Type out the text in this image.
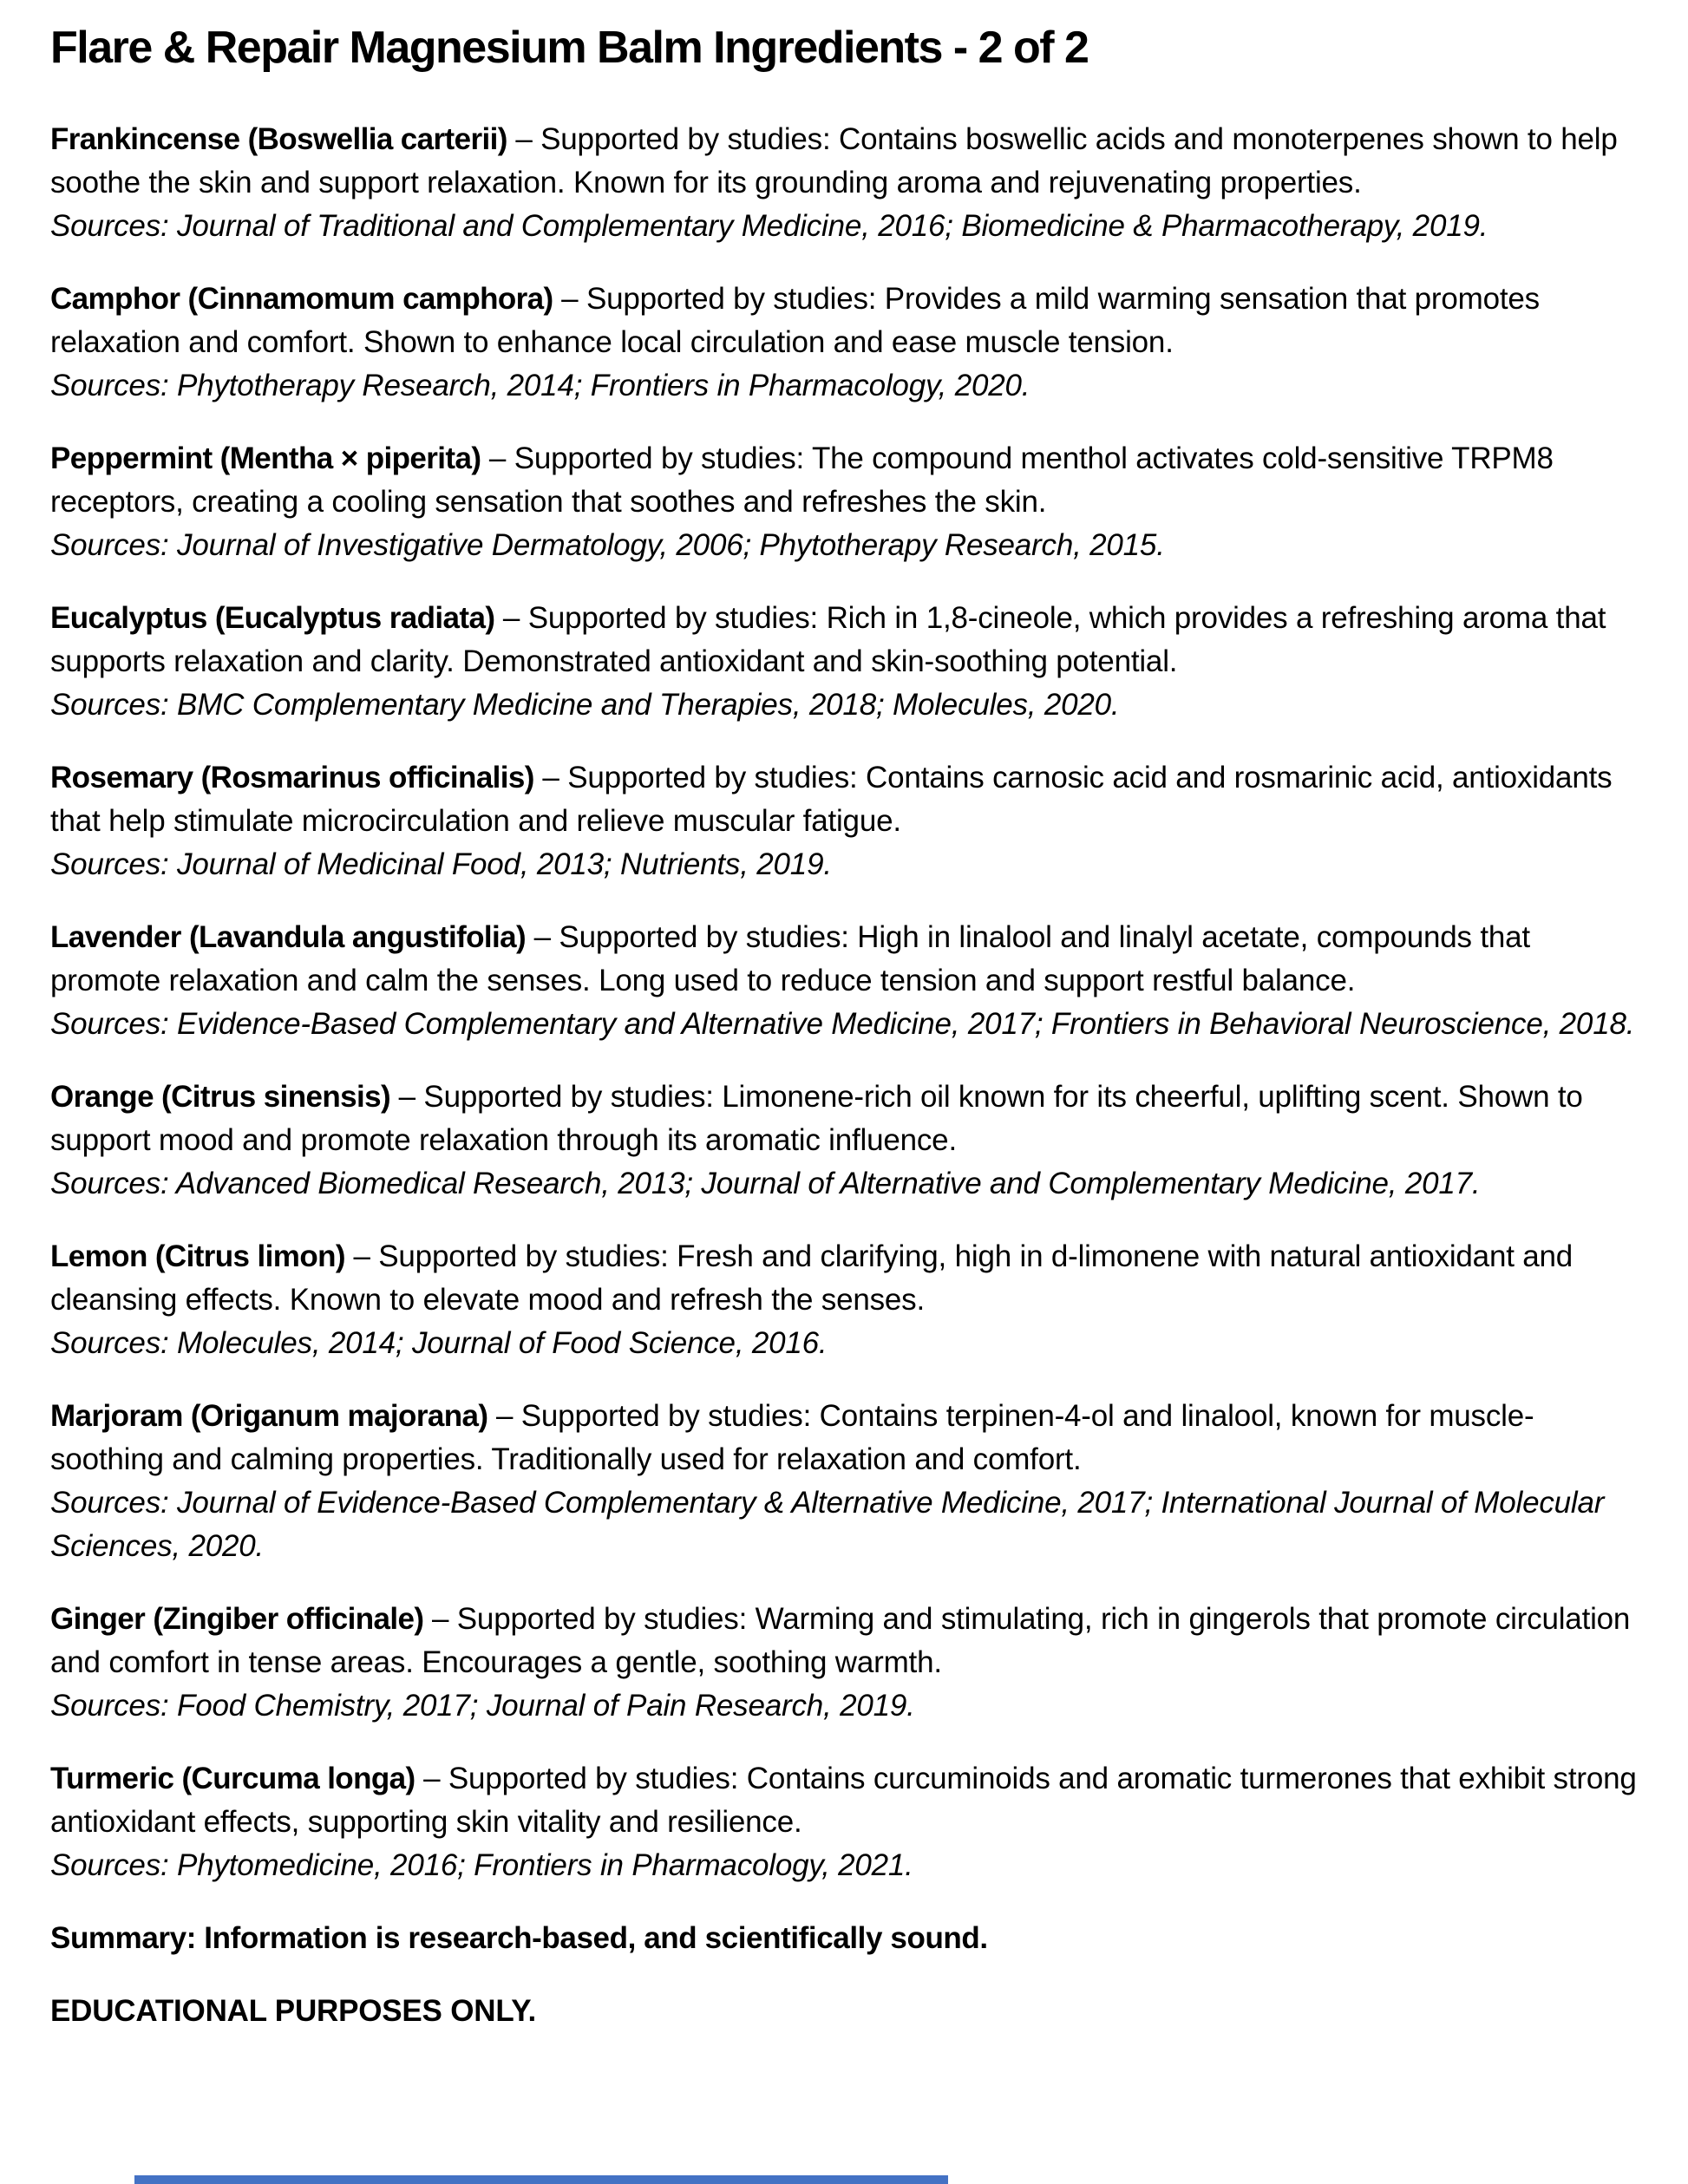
Flare & Repair Magnesium Balm Ingredients - 2 of 2

Frankincense (Boswellia carterii) – Supported by studies: Contains boswellic acids and monoterpenes shown to help soothe the skin and support relaxation. Known for its grounding aroma and rejuvenating properties.
Sources: Journal of Traditional and Complementary Medicine, 2016; Biomedicine & Pharmacotherapy, 2019.

Camphor (Cinnamomum camphora) – Supported by studies: Provides a mild warming sensation that promotes relaxation and comfort. Shown to enhance local circulation and ease muscle tension.
Sources: Phytotherapy Research, 2014; Frontiers in Pharmacology, 2020.

Peppermint (Mentha × piperita) – Supported by studies: The compound menthol activates cold-sensitive TRPM8 receptors, creating a cooling sensation that soothes and refreshes the skin.
Sources: Journal of Investigative Dermatology, 2006; Phytotherapy Research, 2015.

Eucalyptus (Eucalyptus radiata) – Supported by studies: Rich in 1,8-cineole, which provides a refreshing aroma that supports relaxation and clarity. Demonstrated antioxidant and skin-soothing potential.
Sources: BMC Complementary Medicine and Therapies, 2018; Molecules, 2020.

Rosemary (Rosmarinus officinalis) – Supported by studies: Contains carnosic acid and rosmarinic acid, antioxidants that help stimulate microcirculation and relieve muscular fatigue.
Sources: Journal of Medicinal Food, 2013; Nutrients, 2019.

Lavender (Lavandula angustifolia) – Supported by studies: High in linalool and linalyl acetate, compounds that promote relaxation and calm the senses. Long used to reduce tension and support restful balance.
Sources: Evidence-Based Complementary and Alternative Medicine, 2017; Frontiers in Behavioral Neuroscience, 2018.

Orange (Citrus sinensis) – Supported by studies: Limonene-rich oil known for its cheerful, uplifting scent. Shown to support mood and promote relaxation through its aromatic influence.
Sources: Advanced Biomedical Research, 2013; Journal of Alternative and Complementary Medicine, 2017.

Lemon (Citrus limon) – Supported by studies: Fresh and clarifying, high in d-limonene with natural antioxidant and cleansing effects. Known to elevate mood and refresh the senses.
Sources: Molecules, 2014; Journal of Food Science, 2016.

Marjoram (Origanum majorana) – Supported by studies: Contains terpinen-4-ol and linalool, known for muscle-soothing and calming properties. Traditionally used for relaxation and comfort.
Sources: Journal of Evidence-Based Complementary & Alternative Medicine, 2017; International Journal of Molecular Sciences, 2020.

Ginger (Zingiber officinale) – Supported by studies: Warming and stimulating, rich in gingerols that promote circulation and comfort in tense areas. Encourages a gentle, soothing warmth.
Sources: Food Chemistry, 2017; Journal of Pain Research, 2019.

Turmeric (Curcuma longa) – Supported by studies: Contains curcuminoids and aromatic turmerones that exhibit strong antioxidant effects, supporting skin vitality and resilience.
Sources: Phytomedicine, 2016; Frontiers in Pharmacology, 2021.

Summary: Information is research-based, and scientifically sound.

EDUCATIONAL PURPOSES ONLY.
